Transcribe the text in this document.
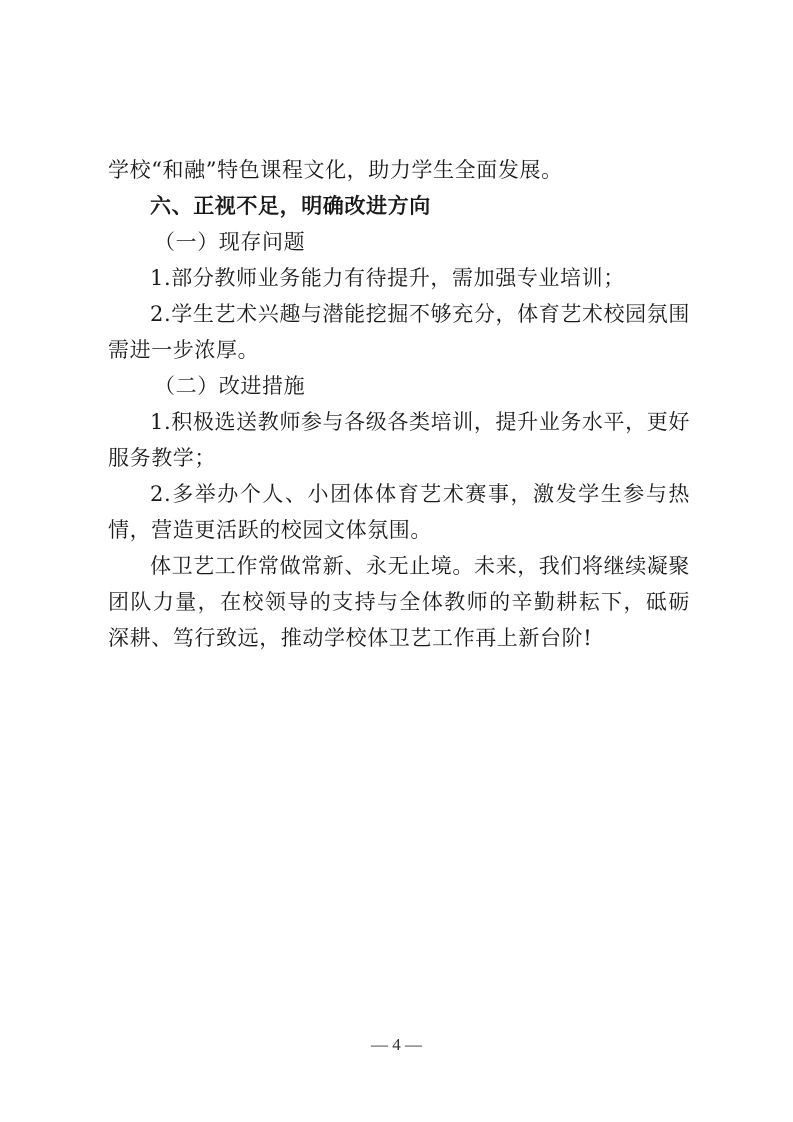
学校“和融”特色课程文化，助力学生全面发展。

六、正视不足，明确改进方向

（一）现存问题

1.部分教师业务能力有待提升，需加强专业培训；

2.学生艺术兴趣与潜能挖掘不够充分，体育艺术校园氛围需进一步浓厚。

（二）改进措施

1.积极选送教师参与各级各类培训，提升业务水平，更好服务教学；

2.多举办个人、小团体体育艺术赛事，激发学生参与热情，营造更活跃的校园文体氛围。

体卫艺工作常做常新、永无止境。未来，我们将继续凝聚团队力量，在校领导的支持与全体教师的辛勤耕耘下，砥砺深耕、笃行致远，推动学校体卫艺工作再上新台阶!

— 4 —
